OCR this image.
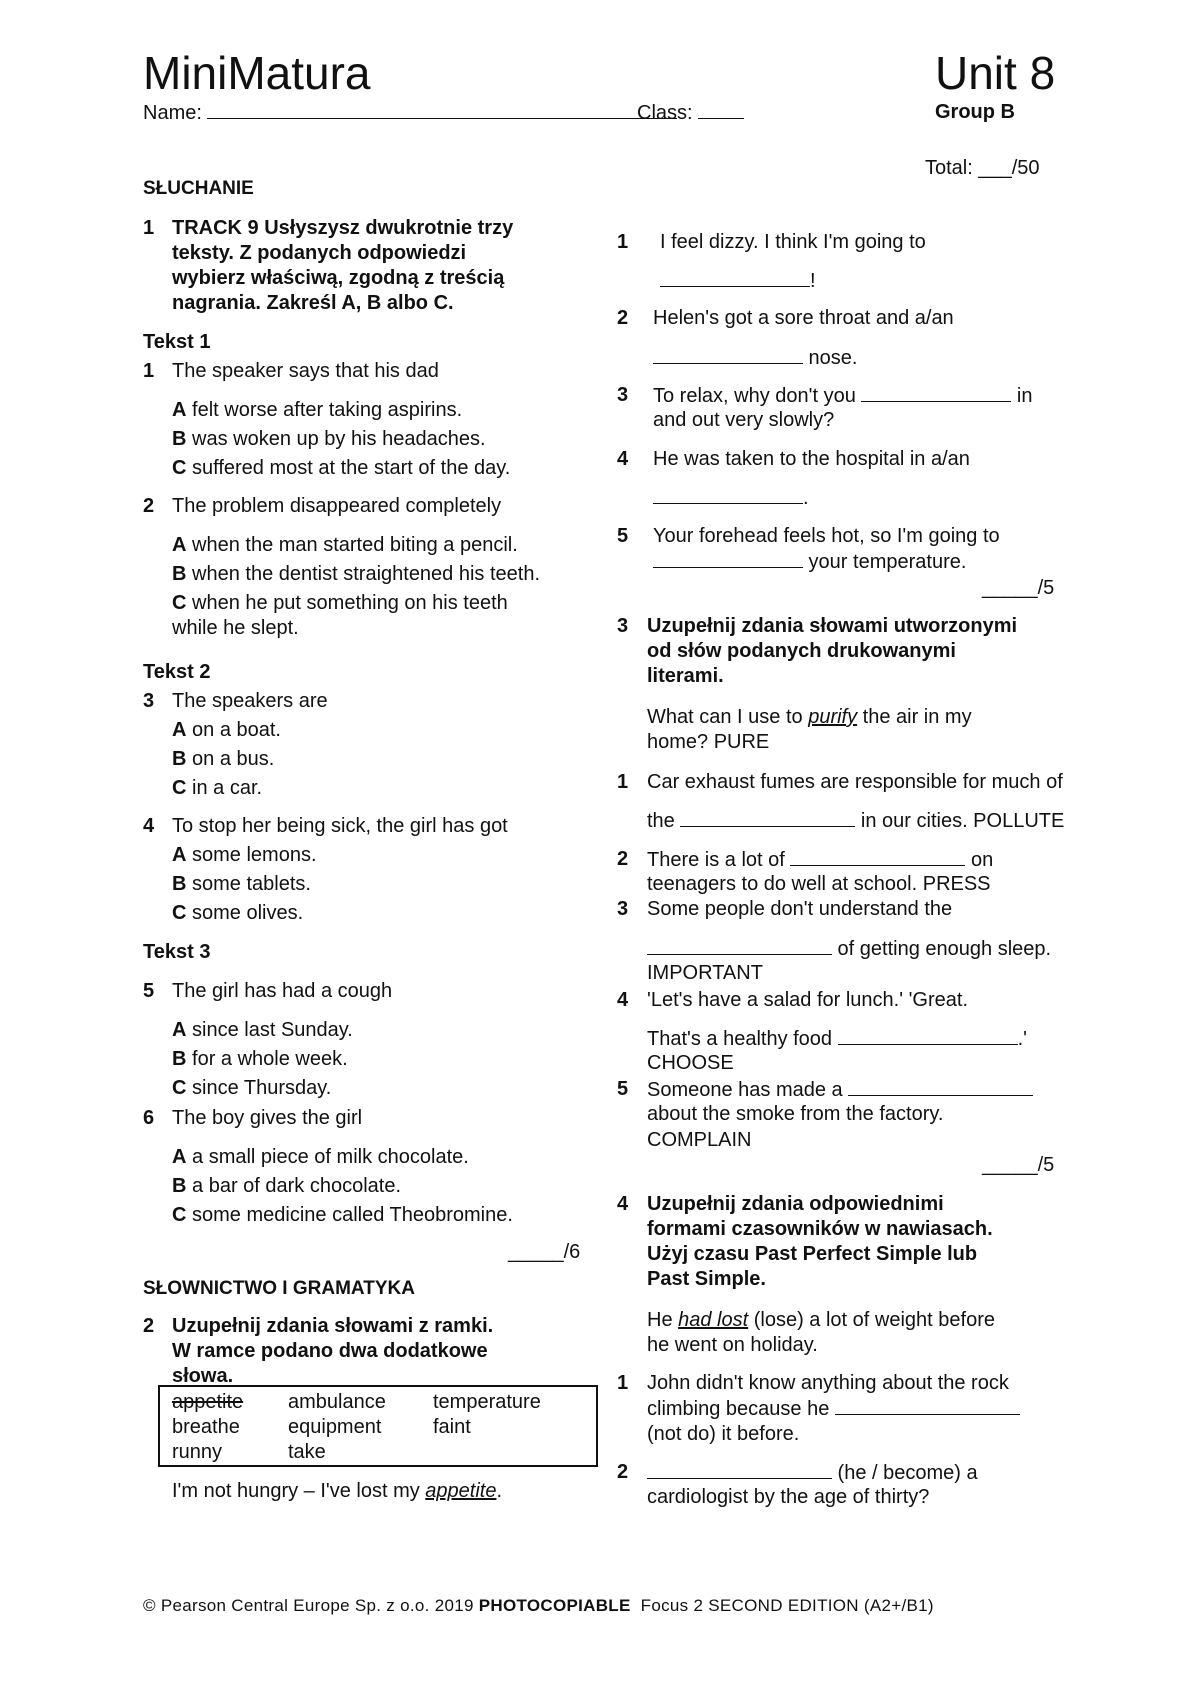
MiniMatura	Unit 8
Name:	Class:	Group B
Total: ___/50
SŁUCHANIE
1 TRACK 9 Usłyszysz dwukrotnie trzy
teksty. Z podanych odpowiedzi
wybierz właściwą, zgodną z treścią
nagrania. Zakreśl A, B albo C.
Tekst 1
1 The speaker says that his dad
A felt worse after taking aspirins.
B was woken up by his headaches.
C suffered most at the start of the day.
2 The problem disappeared completely
A when the man started biting a pencil.
B when the dentist straightened his teeth.
C when he put something on his teeth
while he slept.
Tekst 2
3 The speakers are
A on a boat.
B on a bus.
C in a car.
4 To stop her being sick, the girl has got
A some lemons.
B some tablets.
C some olives.
Tekst 3
5 The girl has had a cough
A since last Sunday.
B for a whole week.
C since Thursday.
6 The boy gives the girl
A a small piece of milk chocolate.
B a bar of dark chocolate.
C some medicine called Theobromine.
_____/6
SŁOWNICTWO I GRAMATYKA
2 Uzupełnij zdania słowami z ramki.
W ramce podano dwa dodatkowe
słowa.
appetite ambulance temperature
breathe equipment	faint
runny	take
I'm not hungry – I've lost my appetite.
1 I feel dizzy. I think I'm going to
!
2 Helen's got a sore throat and a/an
nose.
3 To relax, why don't you	in
and out very slowly?
4 He was taken to the hospital in a/an
.
5 Your forehead feels hot, so I'm going to
your temperature.
_____/5
3 Uzupełnij zdania słowami utworzonymi
od słów podanych drukowanymi
literami.
What can I use to purify the air in my
home? PURE
1 Car exhaust fumes are responsible for much of
the	in our cities. POLLUTE
2 There is a lot of	on
teenagers to do well at school. PRESS
3 Some people don't understand the
of getting enough sleep.
IMPORTANT
4 'Let's have a salad for lunch.' 'Great.
That's a healthy food	.'
CHOOSE
5 Someone has made a
about the smoke from the factory.
COMPLAIN
_____/5
4 Uzupełnij zdania odpowiednimi
formami czasowników w nawiasach.
Użyj czasu Past Perfect Simple lub
Past Simple.
He had lost (lose) a lot of weight before
he went on holiday.
1 John didn't know anything about the rock
climbing because he
(not do) it before.
2	(he / become) a
cardiologist by the age of thirty?
© Pearson Central Europe Sp. z o.o. 2019 PHOTOCOPIABLE  Focus 2 SECOND EDITION (A2+/B1)
